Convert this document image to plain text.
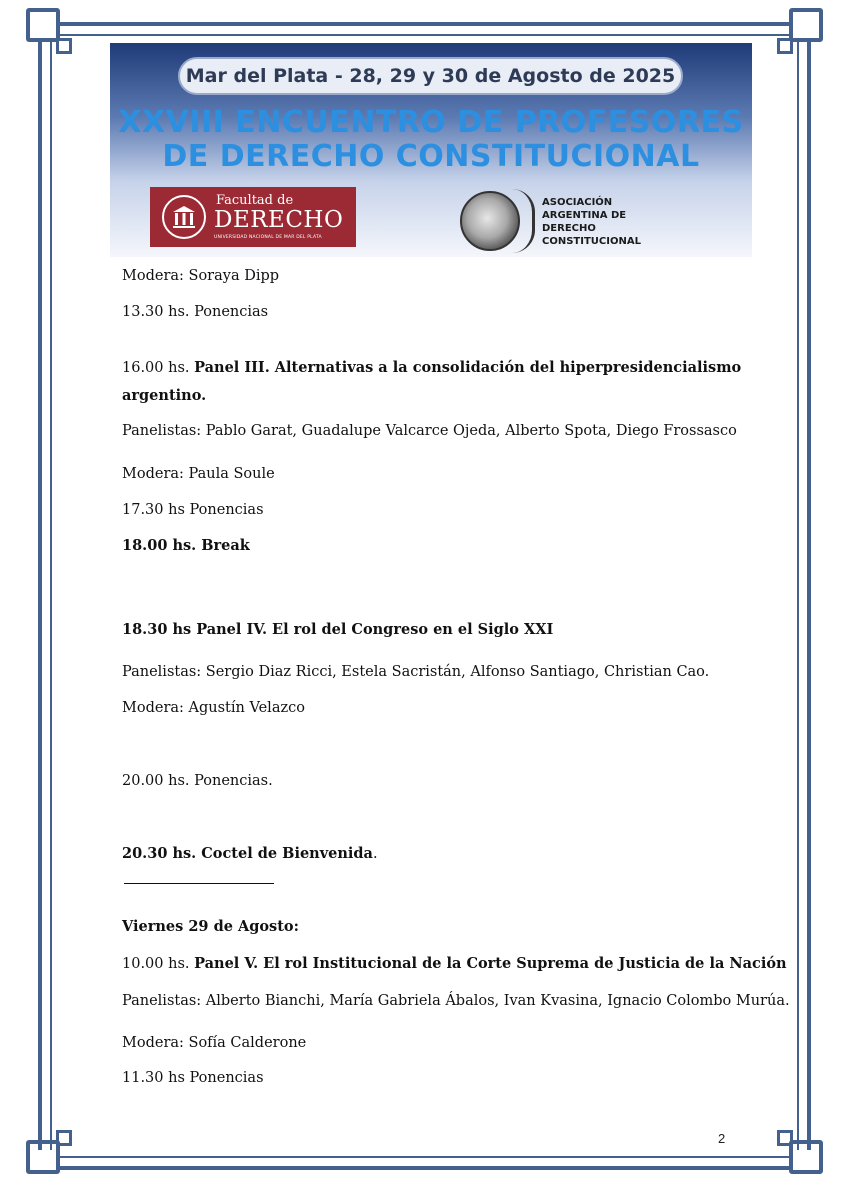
Mar del Plata - 28, 29 y 30 de Agosto de 2025
XXVIII ENCUENTRO DE PROFESORES
DE DERECHO CONSTITUCIONAL
Facultad de
DERECHO
UNIVERSIDAD NACIONAL DE MAR DEL PLATA
ASOCIACIÓN
ARGENTINA DE
DERECHO
CONSTITUCIONAL
Modera: Soraya Dipp
13.30 hs. Ponencias
16.00 hs. Panel III. Alternativas a la consolidación del hiperpresidencialismo
argentino.
Panelistas: Pablo Garat, Guadalupe Valcarce Ojeda, Alberto Spota, Diego Frossasco
Modera: Paula Soule
17.30 hs Ponencias
18.00 hs. Break
18.30 hs Panel IV. El rol del Congreso en el Siglo XXI
Panelistas: Sergio Diaz Ricci, Estela Sacristán, Alfonso Santiago, Christian Cao.
Modera: Agustín Velazco
20.00 hs. Ponencias.
20.30 hs. Coctel de Bienvenida.
Viernes 29 de Agosto:
10.00 hs. Panel V. El rol Institucional de la Corte Suprema de Justicia de la Nación
Panelistas: Alberto Bianchi, María Gabriela Ábalos, Ivan Kvasina, Ignacio Colombo Murúa.
Modera: Sofía Calderone
11.30 hs Ponencias
2
